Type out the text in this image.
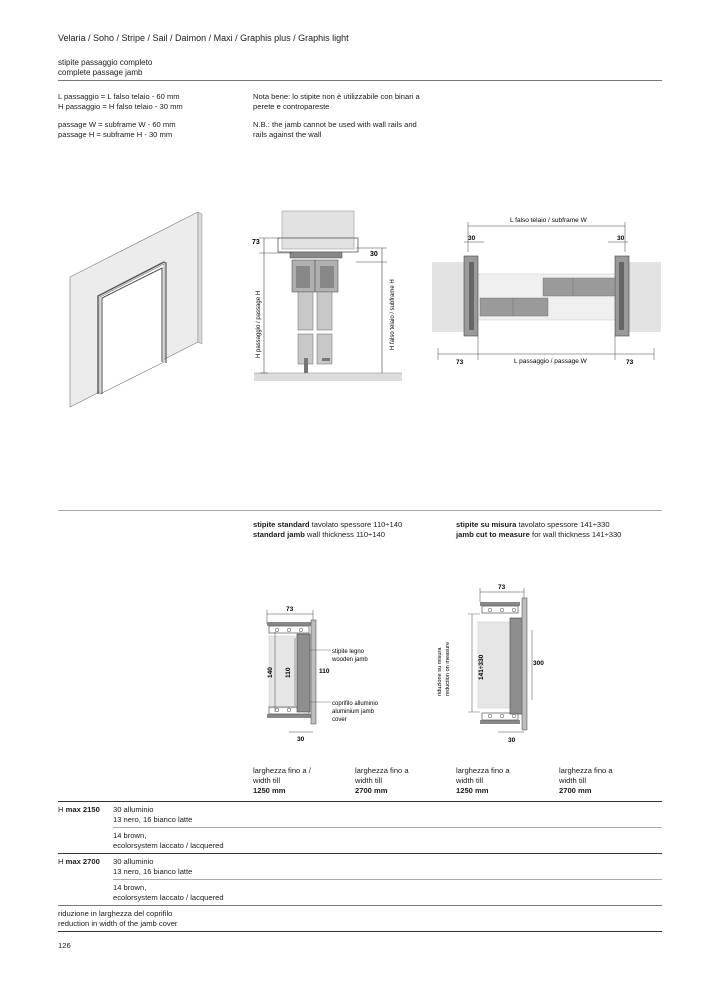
Velaria / Soho / Stripe / Sail / Daimon / Maxi / Graphis plus / Graphis light
stipite passaggio completo
complete passage jamb

L passaggio = L falso telaio - 60 mm
H passaggio = H falso telaio - 30 mm

passage W = subframe W - 60 mm
passage H = subframe H - 30 mm

Nota bene: lo stipite non è utilizzabile con binari a
perete e contropareste

N.B.: the jamb cannot be used with wall rails and
rails against the wall

73
30
H passaggio / passage H	H falso telaio / subframe H
L falso telaio / subframe W
30	30
73	L passaggio / passage W	73
stipite standard tavolato spessore 110÷140
standard jamb wall thickness 110÷140
stipite su misura tavolato spessore 141÷330
jamb cut to measure for wall thickness 141÷330
73
140 110	110
stipite legno
wooden jamb
coprifilo alluminio
aluminium jamb
cover
30
73
141÷330	300
riduzione su misura reduction on measure
30
larghezza fino a /
width till
1250 mm
larghezza fino a
width till
2700 mm
larghezza fino a
width till
1250 mm
larghezza fino a
width till
2700 mm
H max 2150 30 alluminio
13 nero, 16 bianco latte
14 brown,
ecolorsystem laccato / lacquered
H max 2700 30 alluminio
13 nero, 16 bianco latte
14 brown,
ecolorsystem laccato / lacquered
riduzione in larghezza del coprifilo
reduction in width of the jamb cover
126
